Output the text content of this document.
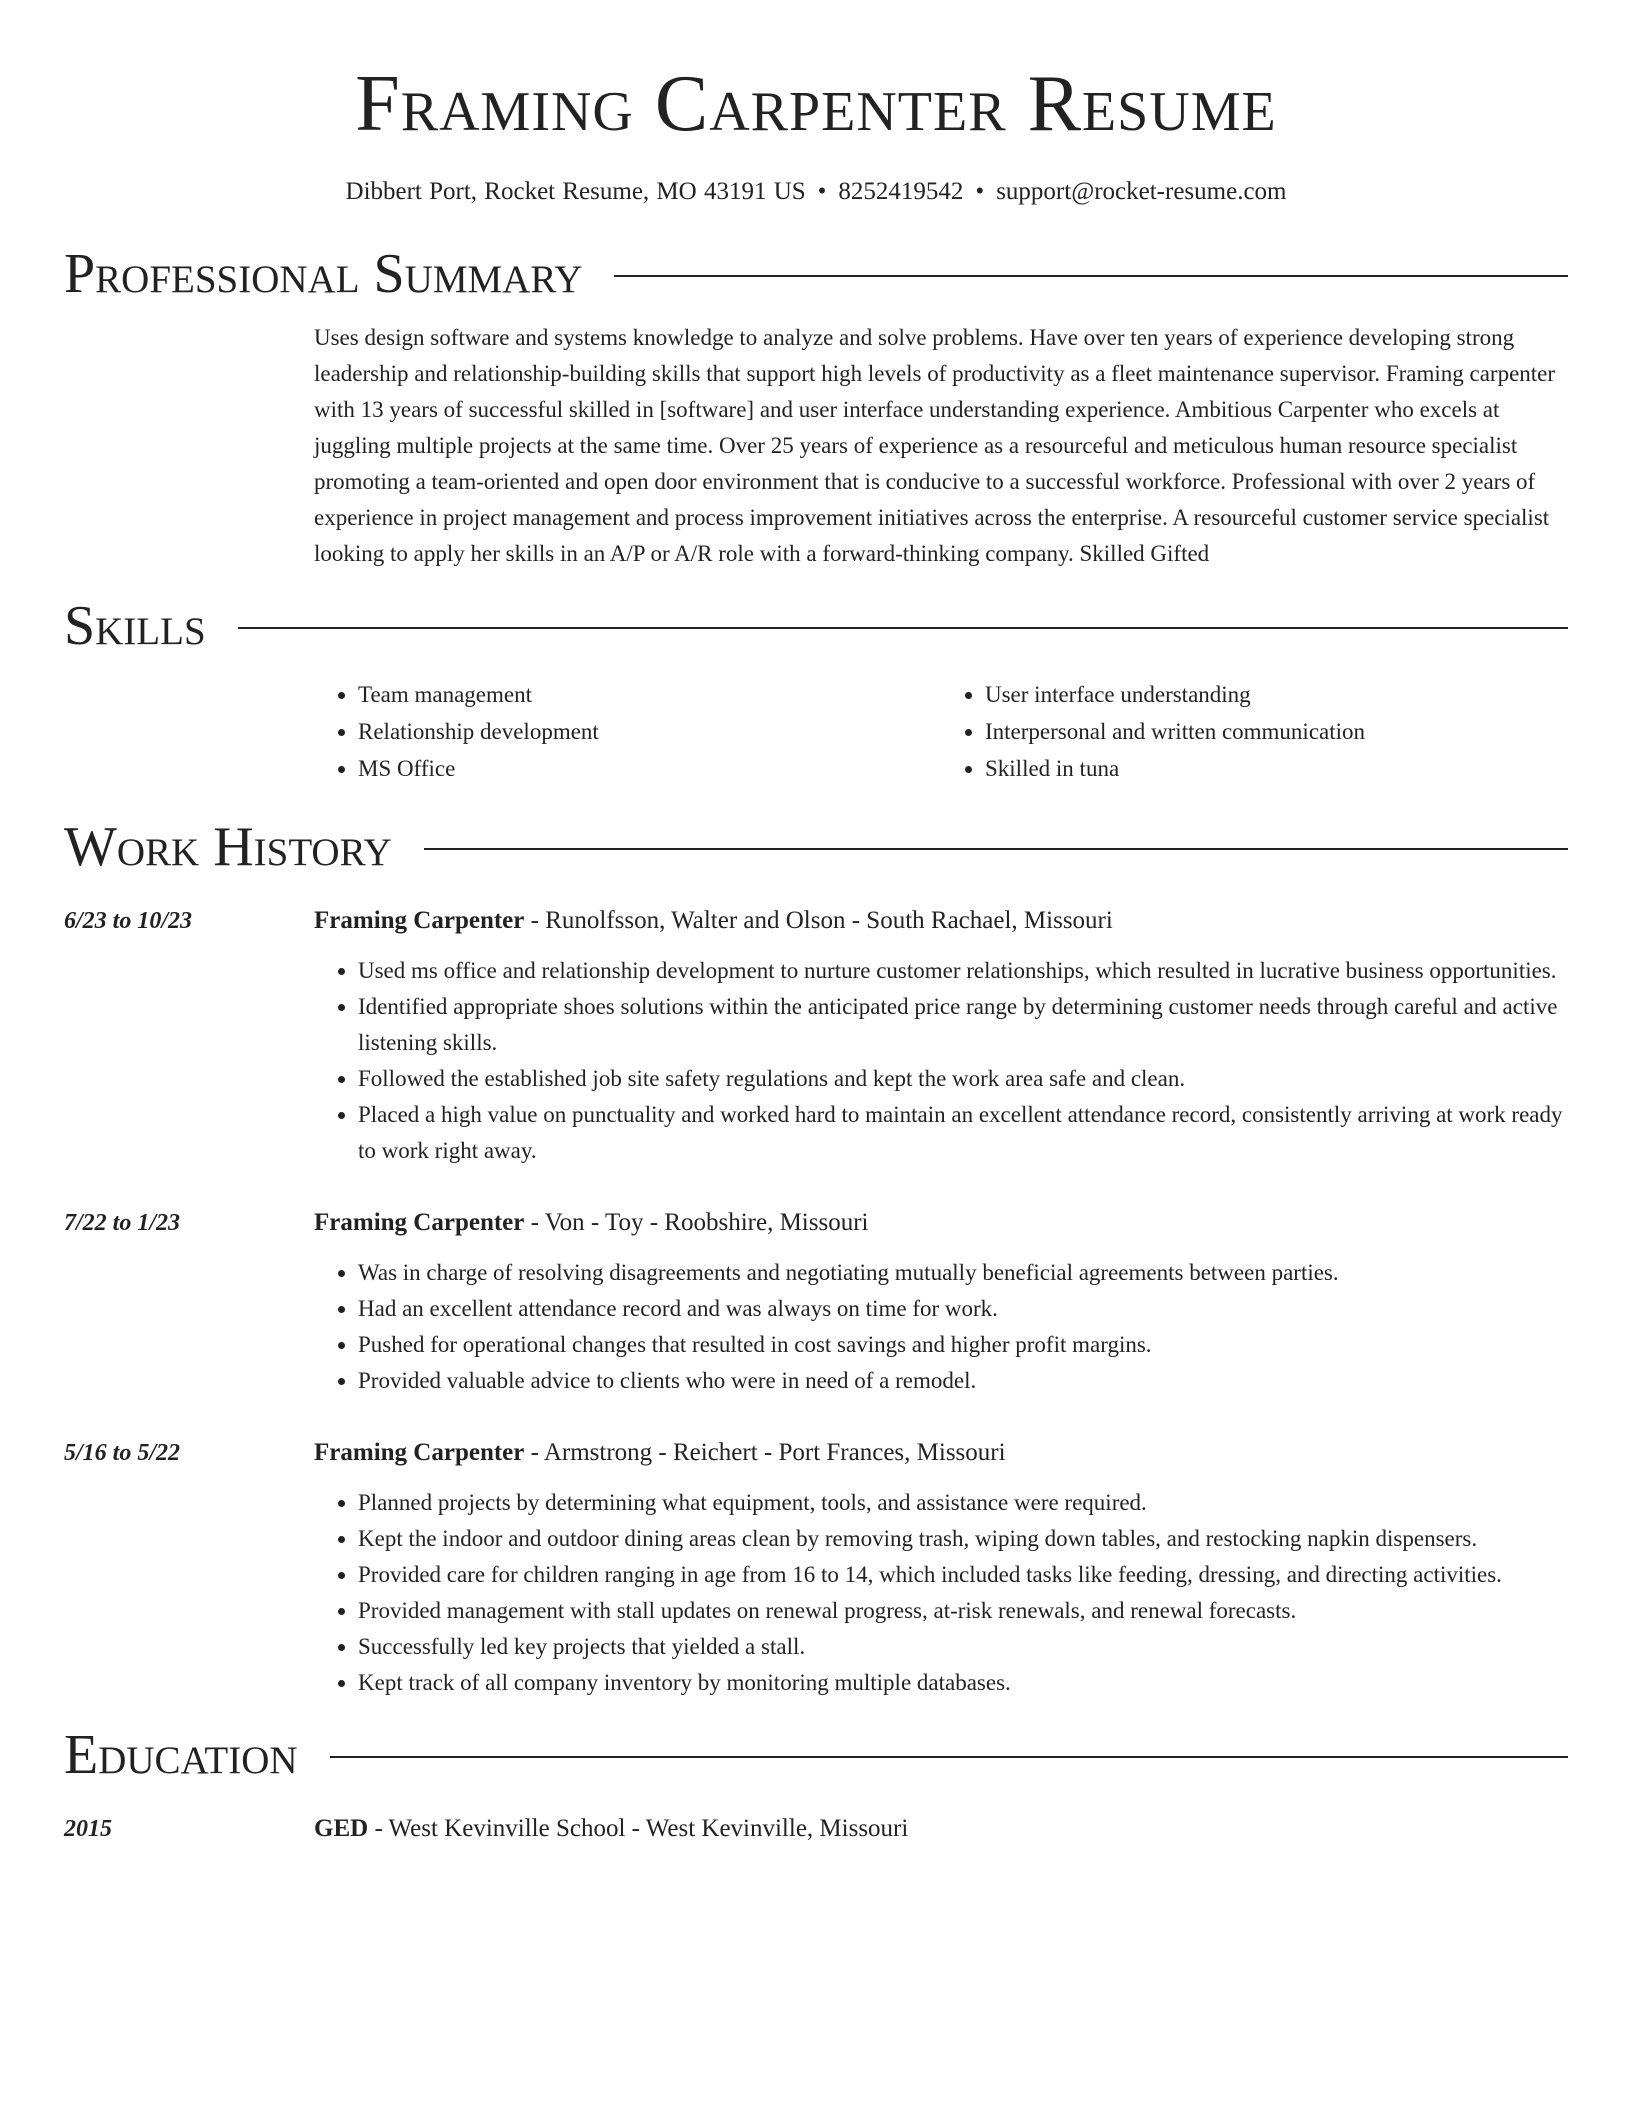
Framing Carpenter Resume
Dibbert Port, Rocket Resume, MO 43191 US • 8252419542 • support@rocket-resume.com
Professional Summary

Uses design software and systems knowledge to analyze and solve problems. Have over ten years of experience developing strong leadership and relationship-building skills that support high levels of productivity as a fleet maintenance supervisor. Framing carpenter with 13 years of successful skilled in [software] and user interface understanding experience. Ambitious Carpenter who excels at juggling multiple projects at the same time. Over 25 years of experience as a resourceful and meticulous human resource specialist promoting a team-oriented and open door environment that is conducive to a successful workforce. Professional with over 2 years of experience in project management and process improvement initiatives across the enterprise. A resourceful customer service specialist looking to apply her skills in an A/P or A/R role with a forward-thinking company. Skilled Gifted

Skills
• Team management
• Relationship development
• MS Office
• User interface understanding
• Interpersonal and written communication
• Skilled in tuna
Work History
6/23 to 10/23	Framing Carpenter - Runolfsson, Walter and Olson - South Rachael, Missouri
• Used ms office and relationship development to nurture customer relationships, which resulted in lucrative business opportunities.
• Identified appropriate shoes solutions within the anticipated price range by determining customer needs through careful and active listening skills.
• Followed the established job site safety regulations and kept the work area safe and clean.
• Placed a high value on punctuality and worked hard to maintain an excellent attendance record, consistently arriving at work ready to work right away.
7/22 to 1/23	Framing Carpenter - Von - Toy - Roobshire, Missouri
• Was in charge of resolving disagreements and negotiating mutually beneficial agreements between parties.
• Had an excellent attendance record and was always on time for work.
• Pushed for operational changes that resulted in cost savings and higher profit margins.
• Provided valuable advice to clients who were in need of a remodel.
5/16 to 5/22	Framing Carpenter - Armstrong - Reichert - Port Frances, Missouri
• Planned projects by determining what equipment, tools, and assistance were required.
• Kept the indoor and outdoor dining areas clean by removing trash, wiping down tables, and restocking napkin dispensers.
• Provided care for children ranging in age from 16 to 14, which included tasks like feeding, dressing, and directing activities.
• Provided management with stall updates on renewal progress, at-risk renewals, and renewal forecasts.
• Successfully led key projects that yielded a stall.
• Kept track of all company inventory by monitoring multiple databases.
Education
2015	GED - West Kevinville School - West Kevinville, Missouri
